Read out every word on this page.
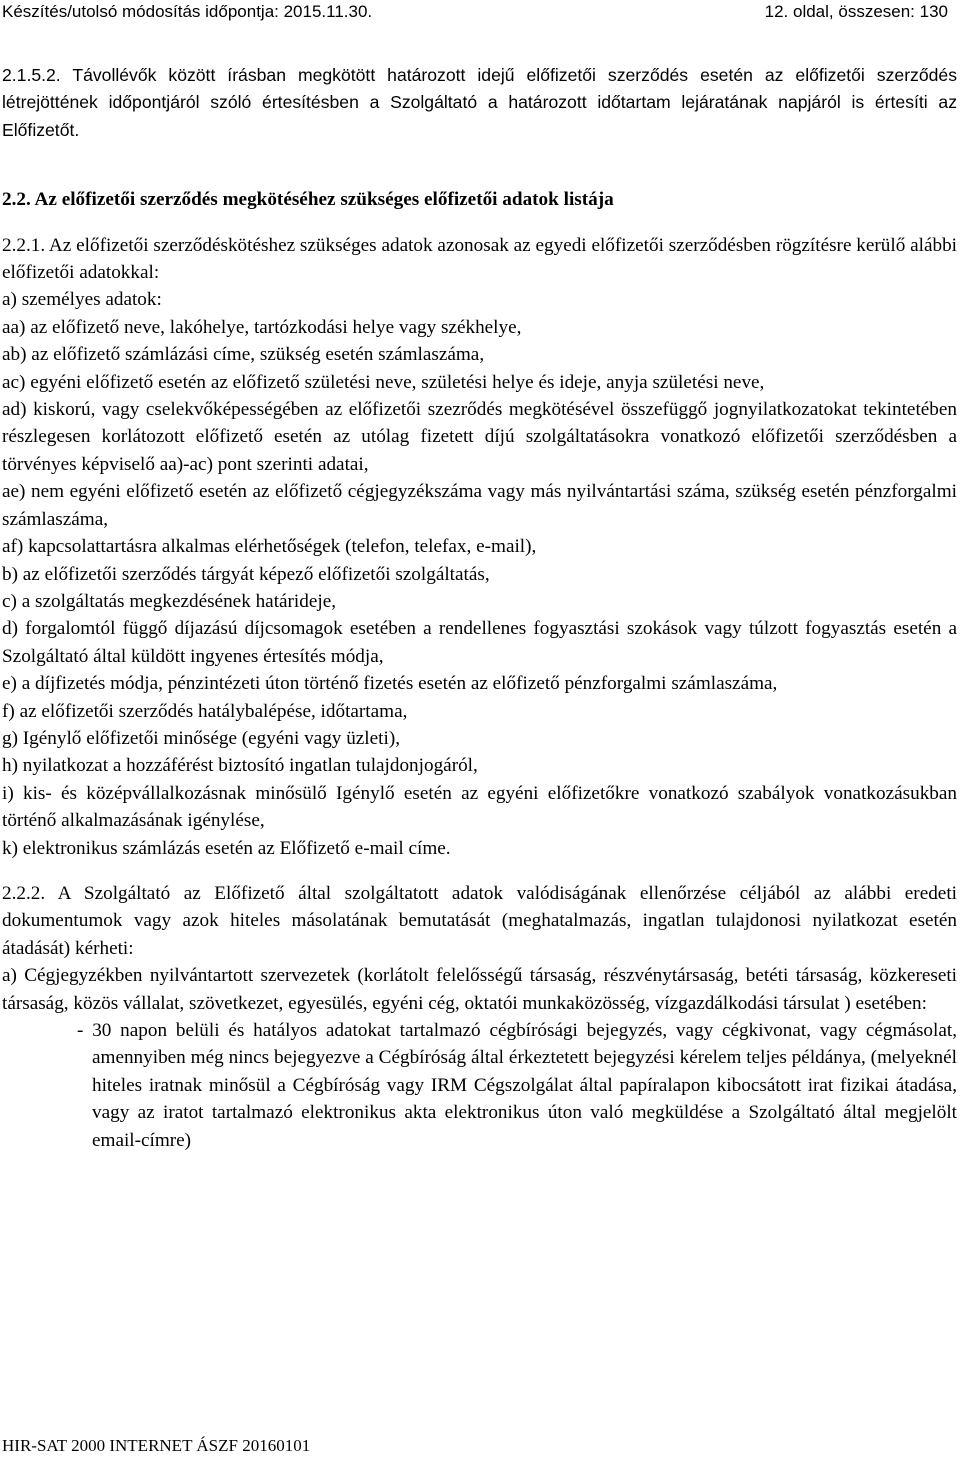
Készítés/utolsó módosítás időpontja: 2015.11.30.	12. oldal, összesen: 130

2.1.5.2. Távollévők között írásban megkötött határozott idejű előfizetői szerződés esetén az előfizetői szerződés létrejöttének időpontjáról szóló értesítésben a Szolgáltató a határozott időtartam lejáratának napjáról is értesíti az Előfizetőt.

2.2. Az előfizetői szerződés megkötéséhez szükséges előfizetői adatok listája

2.2.1. Az előfizetői szerződéskötéshez szükséges adatok azonosak az egyedi előfizetői szerződésben rögzítésre kerülő alábbi előfizetői adatokkal:

a) személyes adatok:

aa) az előfizető neve, lakóhelye, tartózkodási helye vagy székhelye,

ab) az előfizető számlázási címe, szükség esetén számlaszáma,

ac) egyéni előfizető esetén az előfizető születési neve, születési helye és ideje, anyja születési neve,

ad) kiskorú, vagy cselekvőképességében az előfizetői szezrődés megkötésével összefüggő jognyilatkozatokat tekintetében részlegesen korlátozott előfizető esetén az utólag fizetett díjú szolgáltatásokra vonatkozó előfizetői szerződésben a törvényes képviselő aa)-ac) pont szerinti adatai,

ae) nem egyéni előfizető esetén az előfizető cégjegyzékszáma vagy más nyilvántartási száma, szükség esetén pénzforgalmi számlaszáma,

af) kapcsolattartásra alkalmas elérhetőségek (telefon, telefax, e-mail),

b) az előfizetői szerződés tárgyát képező előfizetői szolgáltatás,

c) a szolgáltatás megkezdésének határideje,

d) forgalomtól függő díjazású díjcsomagok esetében a rendellenes fogyasztási szokások vagy túlzott fogyasztás esetén a Szolgáltató által küldött ingyenes értesítés módja,

e) a díjfizetés módja, pénzintézeti úton történő fizetés esetén az előfizető pénzforgalmi számlaszáma,

f) az előfizetői szerződés hatálybalépése, időtartama,

g) Igénylő előfizetői minősége (egyéni vagy üzleti),

h) nyilatkozat a hozzáférést biztosító ingatlan tulajdonjogáról,

i) kis- és középvállalkozásnak minősülő Igénylő esetén az egyéni előfizetőkre vonatkozó szabályok vonatkozásukban történő alkalmazásának igénylése,

k) elektronikus számlázás esetén az Előfizető e-mail címe.

2.2.2. A Szolgáltató az Előfizető által szolgáltatott adatok valódiságának ellenőrzése céljából az alábbi eredeti dokumentumok vagy azok hiteles másolatának bemutatását (meghatalmazás, ingatlan tulajdonosi nyilatkozat esetén átadását) kérheti:

a) Cégjegyzékben nyilvántartott szervezetek (korlátolt felelősségű társaság, részvénytársaság, betéti társaság, közkereseti társaság, közös vállalat, szövetkezet, egyesülés, egyéni cég, oktatói munkaközösség, vízgazdálkodási társulat ) esetében:

- 30 napon belüli és hatályos adatokat tartalmazó cégbírósági bejegyzés, vagy cégkivonat, vagy cégmásolat, amennyiben még nincs bejegyezve a Cégbíróság által érkeztetett bejegyzési kérelem teljes példánya, (melyeknél hiteles iratnak minősül a Cégbíróság vagy IRM Cégszolgálat által papíralapon kibocsátott irat fizikai átadása, vagy az iratot tartalmazó elektronikus akta elektronikus úton való megküldése a Szolgáltató által megjelölt email-címre)

HIR-SAT 2000 INTERNET ÁSZF 20160101
